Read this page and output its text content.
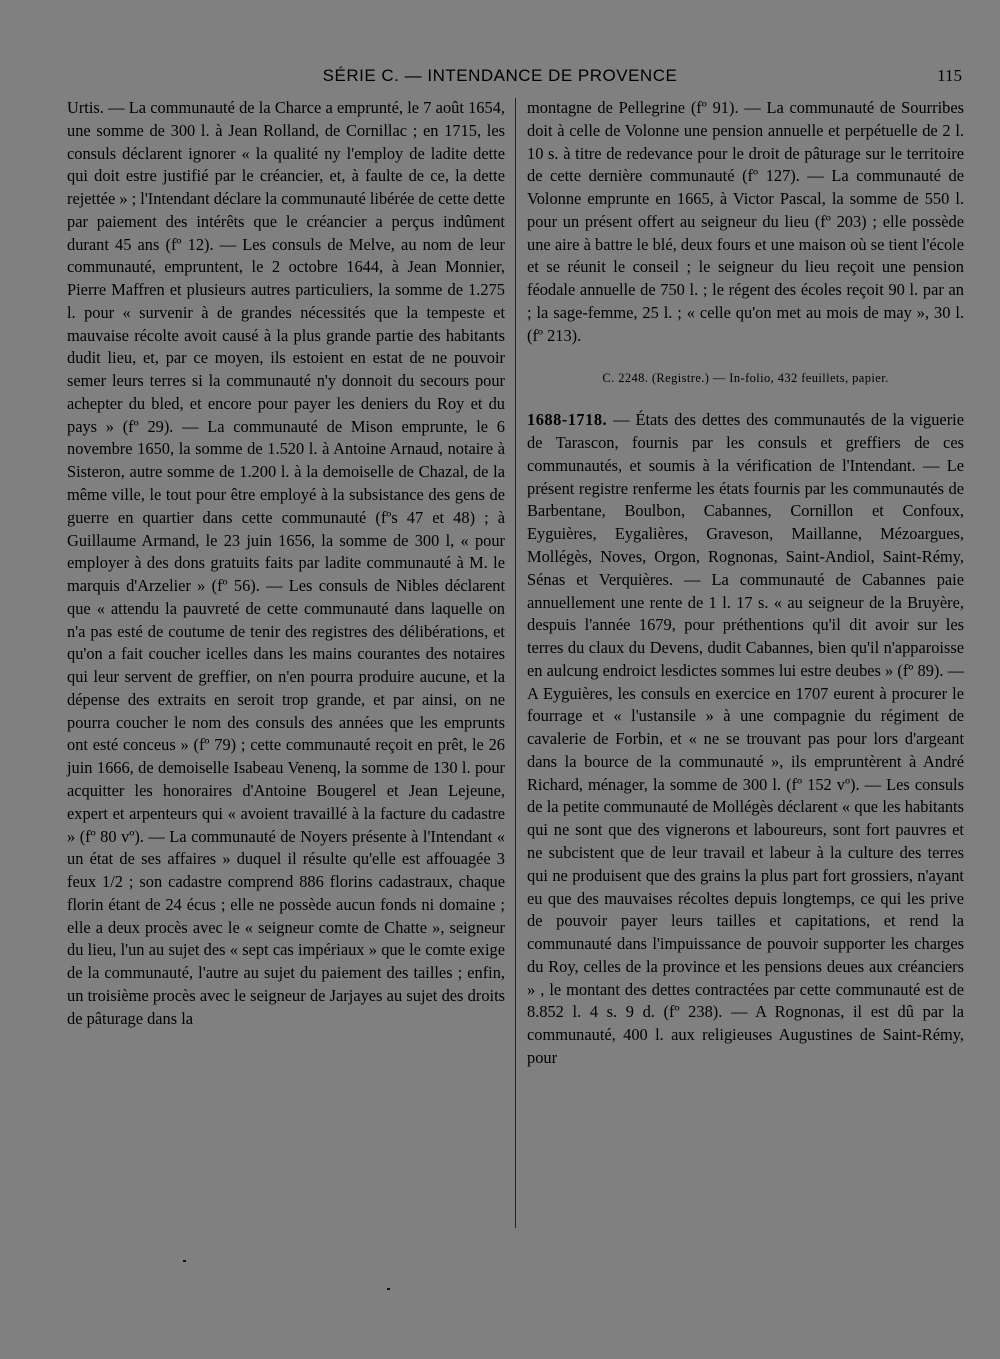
SÉRIE C. — INTENDANCE DE PROVENCE	115

Urtis. — La communauté de la Charce a emprunté, le 7 août 1654, une somme de 300 l. à Jean Rolland, de Cornillac ; en 1715, les consuls déclarent ignorer « la qualité ny l'employ de ladite dette qui doit estre justifié par le créancier, et, à faulte de ce, la dette rejettée » ; l'Intendant déclare la communauté libérée de cette dette par paiement des intérêts que le créancier a perçus indûment durant 45 ans (fº 12). — Les consuls de Melve, au nom de leur communauté, empruntent, le 2 octobre 1644, à Jean Monnier, Pierre Maffren et plusieurs autres particuliers, la somme de 1.275 l. pour « survenir à de grandes nécessités que la tempeste et mauvaise récolte avoit causé à la plus grande partie des habitants dudit lieu, et, par ce moyen, ils estoient en estat de ne pouvoir semer leurs terres si la communauté n'y donnoit du secours pour achepter du bled, et encore pour payer les deniers du Roy et du pays » (fº 29). — La communauté de Mison emprunte, le 6 novembre 1650, la somme de 1.520 l. à Antoine Arnaud, notaire à Sisteron, autre somme de 1.200 l. à la demoiselle de Chazal, de la même ville, le tout pour être employé à la subsistance des gens de guerre en quartier dans cette communauté (fºs 47 et 48) ; à Guillaume Armand, le 23 juin 1656, la somme de 300 l, « pour employer à des dons gratuits faits par ladite communauté à M. le marquis d'Arzelier » (fº 56). — Les consuls de Nibles déclarent que « attendu la pauvreté de cette communauté dans laquelle on n'a pas esté de coutume de tenir des registres des délibérations, et qu'on a fait coucher icelles dans les mains courantes des notaires qui leur servent de greffier, on n'en pourra produire aucune, et la dépense des extraits en seroit trop grande, et par ainsi, on ne pourra coucher le nom des consuls des années que les emprunts ont esté conceus » (fº 79) ; cette communauté reçoit en prêt, le 26 juin 1666, de demoiselle Isabeau Venenq, la somme de 130 l. pour acquitter les honoraires d'Antoine Bougerel et Jean Lejeune, expert et arpenteurs qui « avoient travaillé à la facture du cadastre » (fº 80 vº). — La communauté de Noyers présente à l'Intendant « un état de ses affaires » duquel il résulte qu'elle est affouagée 3 feux 1/2 ; son cadastre comprend 886 florins cadastraux, chaque florin étant de 24 écus ; elle ne possède aucun fonds ni domaine ; elle a deux procès avec le « seigneur comte de Chatte », seigneur du lieu, l'un au sujet des « sept cas impériaux » que le comte exige de la communauté, l'autre au sujet du paiement des tailles ; enfin, un troisième procès avec le seigneur de Jarjayes au sujet des droits de pâturage dans la

montagne de Pellegrine (fº 91). — La communauté de Sourribes doit à celle de Volonne une pension annuelle et perpétuelle de 2 l. 10 s. à titre de redevance pour le droit de pâturage sur le territoire de cette dernière communauté (fº 127). — La communauté de Volonne emprunte en 1665, à Victor Pascal, la somme de 550 l. pour un présent offert au seigneur du lieu (fº 203) ; elle possède une aire à battre le blé, deux fours et une maison où se tient l'école et se réunit le conseil ; le seigneur du lieu reçoit une pension féodale annuelle de 750 l. ; le régent des écoles reçoit 90 l. par an ; la sage-femme, 25 l. ; « celle qu'on met au mois de may », 30 l. (fº 213).

C. 2248. (Registre.) — In-folio, 432 feuillets, papier.

1688-1718. — États des dettes des communautés de la viguerie de Tarascon, fournis par les consuls et greffiers de ces communautés, et soumis à la vérification de l'Intendant. — Le présent registre renferme les états fournis par les communautés de Barbentane, Boulbon, Cabannes, Cornillon et Confoux, Eyguières, Eygalières, Graveson, Maillanne, Mézoargues, Mollégès, Noves, Orgon, Rognonas, Saint-Andiol, Saint-Rémy, Sénas et Verquières. — La communauté de Cabannes paie annuellement une rente de 1 l. 17 s. « au seigneur de la Bruyère, despuis l'année 1679, pour préthentions qu'il dit avoir sur les terres du claux du Devens, dudit Cabannes, bien qu'il n'apparoisse en aulcung endroict lesdictes sommes lui estre deubes » (fº 89). — A Eyguières, les consuls en exercice en 1707 eurent à procurer le fourrage et « l'ustansile » à une compagnie du régiment de cavalerie de Forbin, et « ne se trouvant pas pour lors d'argeant dans la bource de la communauté », ils empruntèrent à André Richard, ménager, la somme de 300 l. (fº 152 vº). — Les consuls de la petite communauté de Mollégès déclarent « que les habitants qui ne sont que des vignerons et laboureurs, sont fort pauvres et ne subcistent que de leur travail et labeur à la culture des terres qui ne produisent que des grains la plus part fort grossiers, n'ayant eu que des mauvaises récoltes depuis longtemps, ce qui les prive de pouvoir payer leurs tailles et capitations, et rend la communauté dans l'impuissance de pouvoir supporter les charges du Roy, celles de la province et les pensions deues aux créanciers » , le montant des dettes contractées par cette communauté est de 8.852 l. 4 s. 9 d. (fº 238). — A Rognonas, il est dû par la communauté, 400 l. aux religieuses Augustines de Saint-Rémy, pour
